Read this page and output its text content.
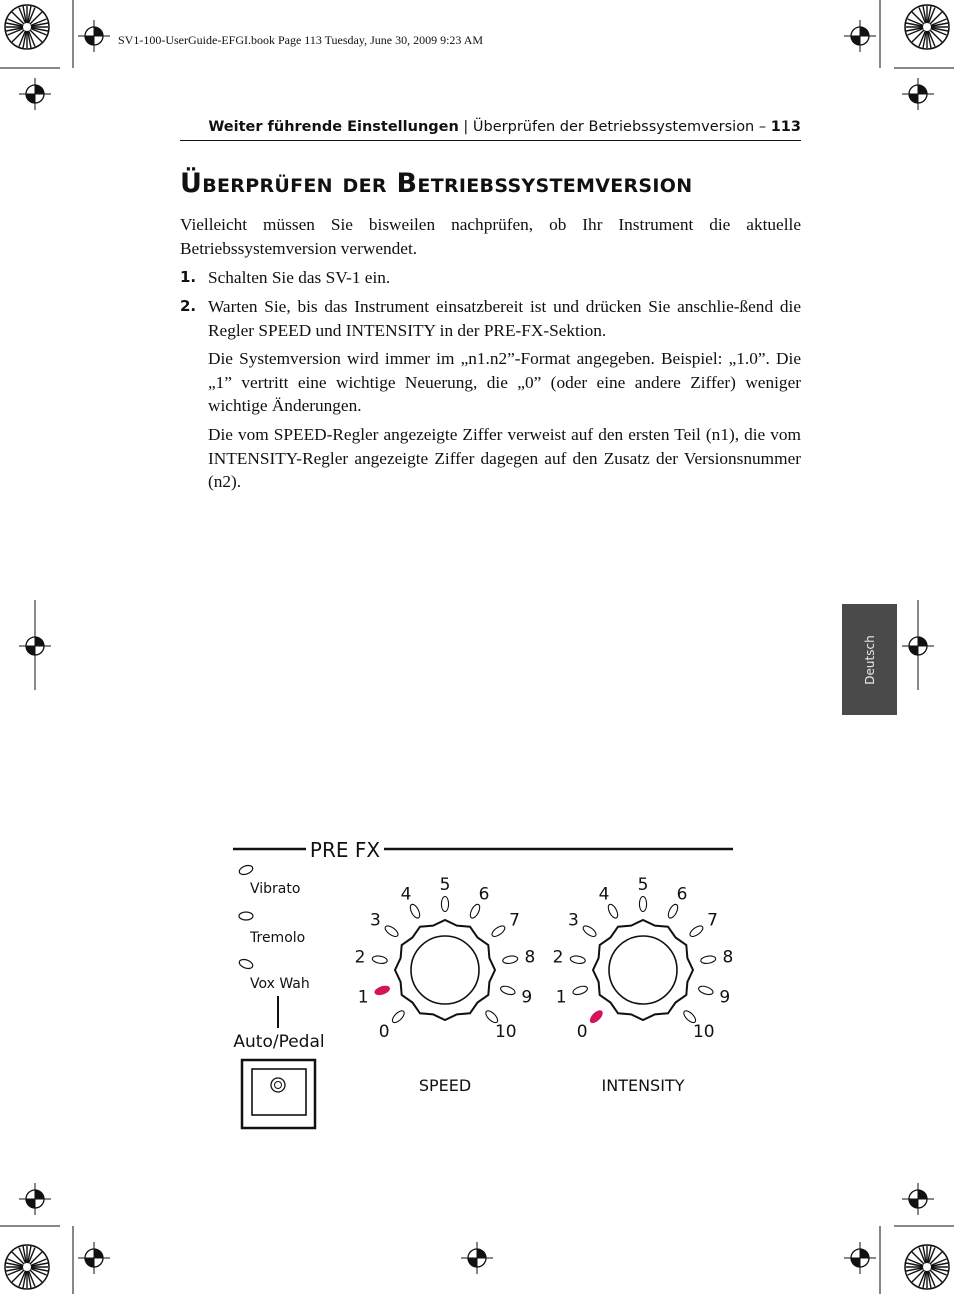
SV1-100-UserGuide-EFGI.book Page 113 Tuesday, June 30, 2009 9:23 AM
Weiter führende Einstellungen | Überprüfen der Betriebssystemversion – 113
Überprüfen der Betriebssystemversion
Vielleicht müssen Sie bisweilen nachprüfen, ob Ihr Instrument die aktuelle Betriebssystemversion verwendet.
1. Schalten Sie das SV-1 ein.
2. Warten Sie, bis das Instrument einsatzbereit ist und drücken Sie anschlie-ßend die Regler SPEED und INTENSITY in der PRE-FX-Sektion.
Die Systemversion wird immer im „n1.n2”-Format angegeben. Beispiel: „1.0”. Die „1” vertritt eine wichtige Neuerung, die „0” (oder eine andere Ziffer) weniger wichtige Änderungen.
Die vom SPEED-Regler angezeigte Ziffer verweist auf den ersten Teil (n1), die vom INTENSITY-Regler angezeigte Ziffer dagegen auf den Zusatz der Versionsnummer (n2).
Deutsch
PRE FX
Vibrato
Tremolo
Vox Wah
Auto/Pedal
0
1
2
3
4 5 6
7
8
9
10
SPEED
0
1
2
3
4 5 6
7
8
9
10
INTENSITY
